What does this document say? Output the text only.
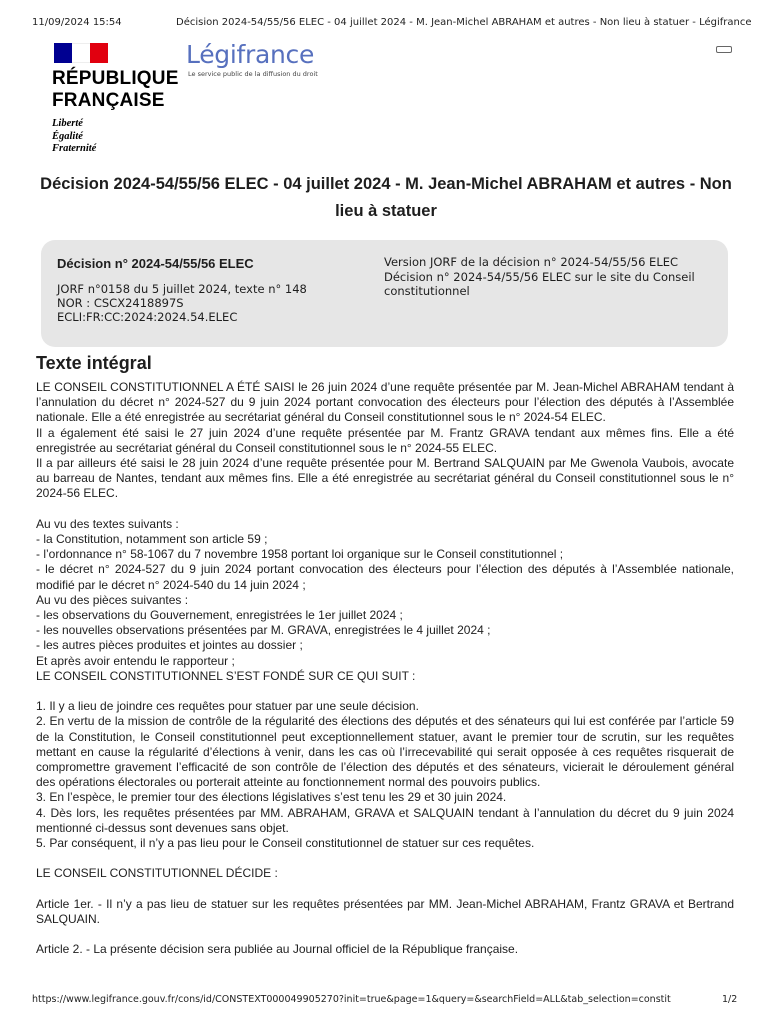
11/09/2024 15:54	Décision 2024-54/55/56 ELEC - 04 juillet 2024 - M. Jean-Michel ABRAHAM et autres - Non lieu à statuer - Légifrance
RÉPUBLIQUE
FRANÇAISE
Liberté
Égalité
Fraternité
Légifrance
Le service public de la diffusion du droit
Décision 2024-54/55/56 ELEC - 04 juillet 2024 - M. Jean-Michel ABRAHAM et autres - Non lieu à statuer
Décision n° 2024-54/55/56 ELEC
JORF n°0158 du 5 juillet 2024, texte n° 148
NOR : CSCX2418897S
ECLI:FR:CC:2024:2024.54.ELEC
Version JORF de la décision n° 2024-54/55/56 ELEC
Décision n° 2024-54/55/56 ELEC sur le site du Conseil constitutionnel
Texte intégral

LE CONSEIL CONSTITUTIONNEL A ÉTÉ SAISI le 26 juin 2024 d’une requête présentée par M. Jean-Michel ABRAHAM tendant à l’annulation du décret n° 2024-527 du 9 juin 2024 portant convocation des électeurs pour l’élection des députés à l’Assemblée nationale. Elle a été enregistrée au secrétariat général du Conseil constitutionnel sous le n° 2024-54 ELEC.

Il a également été saisi le 27 juin 2024 d’une requête présentée par M. Frantz GRAVA tendant aux mêmes fins. Elle a été enregistrée au secrétariat général du Conseil constitutionnel sous le n° 2024-55 ELEC.

Il a par ailleurs été saisi le 28 juin 2024 d’une requête présentée pour M. Bertrand SALQUAIN par Me Gwenola Vaubois, avocate au barreau de Nantes, tendant aux mêmes fins. Elle a été enregistrée au secrétariat général du Conseil constitutionnel sous le n° 2024-56 ELEC.

Au vu des textes suivants :

- la Constitution, notamment son article 59 ;

- l’ordonnance n° 58-1067 du 7 novembre 1958 portant loi organique sur le Conseil constitutionnel ;

- le décret n° 2024-527 du 9 juin 2024 portant convocation des électeurs pour l’élection des députés à l’Assemblée nationale, modifié par le décret n° 2024-540 du 14 juin 2024 ;

Au vu des pièces suivantes :

- les observations du Gouvernement, enregistrées le 1er juillet 2024 ;

- les nouvelles observations présentées par M. GRAVA, enregistrées le 4 juillet 2024 ;

- les autres pièces produites et jointes au dossier ;

Et après avoir entendu le rapporteur ;

LE CONSEIL CONSTITUTIONNEL S’EST FONDÉ SUR CE QUI SUIT :

1. Il y a lieu de joindre ces requêtes pour statuer par une seule décision.

2. En vertu de la mission de contrôle de la régularité des élections des députés et des sénateurs qui lui est conférée par l’article 59 de la Constitution, le Conseil constitutionnel peut exceptionnellement statuer, avant le premier tour de scrutin, sur les requêtes mettant en cause la régularité d’élections à venir, dans les cas où l’irrecevabilité qui serait opposée à ces requêtes risquerait de compromettre gravement l’efficacité de son contrôle de l’élection des députés et des sénateurs, vicierait le déroulement général des opérations électorales ou porterait atteinte au fonctionnement normal des pouvoirs publics.

3. En l’espèce, le premier tour des élections législatives s’est tenu les 29 et 30 juin 2024.

4. Dès lors, les requêtes présentées par MM. ABRAHAM, GRAVA et SALQUAIN tendant à l’annulation du décret du 9 juin 2024 mentionné ci-dessus sont devenues sans objet.

5. Par conséquent, il n’y a pas lieu pour le Conseil constitutionnel de statuer sur ces requêtes.

LE CONSEIL CONSTITUTIONNEL DÉCIDE :

Article 1er. - Il n’y a pas lieu de statuer sur les requêtes présentées par MM. Jean-Michel ABRAHAM, Frantz GRAVA et Bertrand SALQUAIN.

Article 2. - La présente décision sera publiée au Journal officiel de la République française.

https://www.legifrance.gouv.fr/cons/id/CONSTEXT000049905270?init=true&page=1&query=&searchField=ALL&tab_selection=constit	1/2
